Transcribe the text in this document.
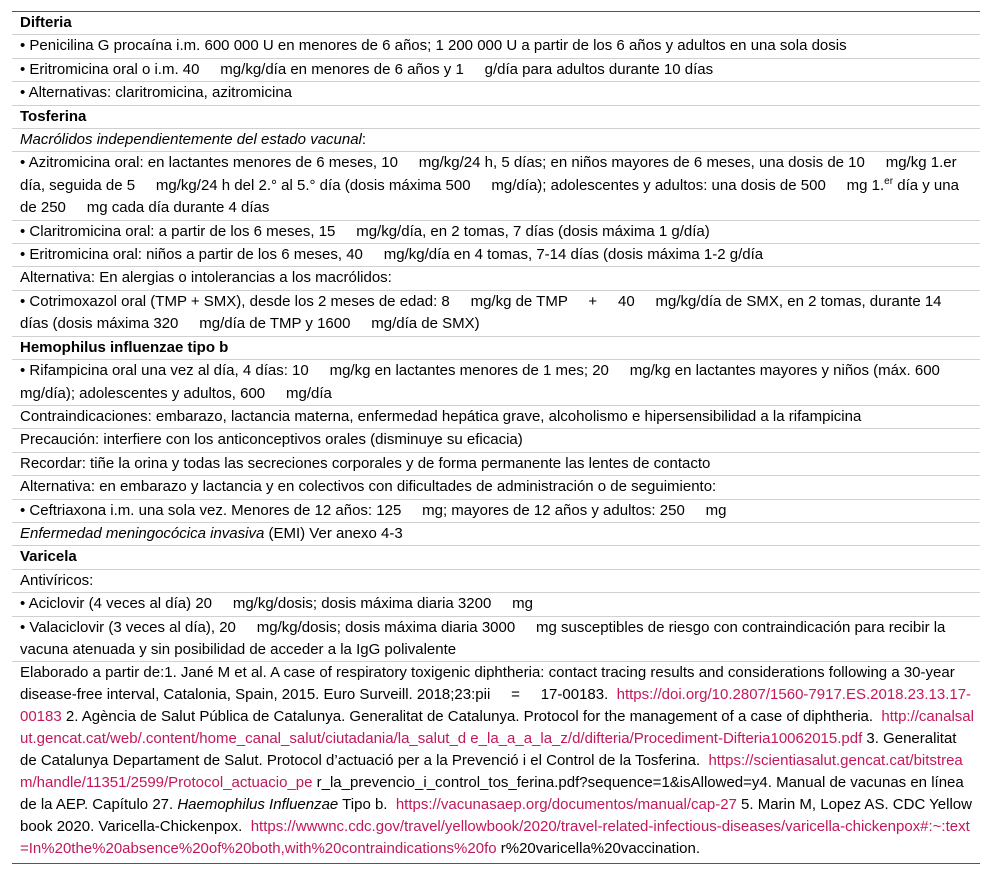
Difteria
• Penicilina G procaína i.m. 600 000 U en menores de 6 años; 1 200 000 U a partir de los 6 años y adultos en una sola dosis
• Eritromicina oral o i.m. 40     mg/kg/día en menores de 6 años y 1     g/día para adultos durante 10 días
• Alternativas: claritromicina, azitromicina
Tosferina
Macrólidos independientemente del estado vacunal:
• Azitromicina oral: en lactantes menores de 6 meses, 10     mg/kg/24 h, 5 días; en niños mayores de 6 meses, una dosis de 10     mg/kg 1.er día, seguida de 5     mg/kg/24 h del 2.° al 5.° día (dosis máxima 500     mg/día); adolescentes y adultos: una dosis de 500     mg 1.$^{er}$ día y una de 250     mg cada día durante 4 días
• Claritromicina oral: a partir de los 6 meses, 15     mg/kg/día, en 2 tomas, 7 días (dosis máxima 1 g/día)
• Eritromicina oral: niños a partir de los 6 meses, 40     mg/kg/día en 4 tomas, 7-14 días (dosis máxima 1-2 g/día
Alternativa: En alergias o intolerancias a los macrólidos:
• Cotrimoxazol oral (TMP + SMX), desde los 2 meses de edad: 8     mg/kg de TMP     +     40     mg/kg/día de SMX, en 2 tomas, durante 14 días (dosis máxima 320     mg/día de TMP y 1600     mg/día de SMX)
Hemophilus influenzae tipo b
• Rifampicina oral una vez al día, 4 días: 10     mg/kg en lactantes menores de 1 mes; 20     mg/kg en lactantes mayores y niños (máx. 600     mg/día); adolescentes y adultos, 600     mg/día
Contraindicaciones: embarazo, lactancia materna, enfermedad hepática grave, alcoholismo e hipersensibilidad a la rifampicina
Precaución: interfiere con los anticonceptivos orales (disminuye su eficacia)
Recordar: tiñe la orina y todas las secreciones corporales y de forma permanente las lentes de contacto
Alternativa: en embarazo y lactancia y en colectivos con dificultades de administración o de seguimiento:
• Ceftriaxona i.m. una sola vez. Menores de 12 años: 125     mg; mayores de 12 años y adultos: 250     mg
Enfermedad meningocócica invasiva (EMI) Ver anexo 4-3
Varicela
Antivíricos:
• Aciclovir (4 veces al día) 20     mg/kg/dosis; dosis máxima diaria 3200     mg
• Valaciclovir (3 veces al día), 20     mg/kg/dosis; dosis máxima diaria 3000     mg susceptibles de riesgo con contraindicación para recibir la vacuna atenuada y sin posibilidad de acceder a la IgG polivalente
Elaborado a partir de:1. Jané M et al. A case of respiratory toxigenic diphtheria: contact tracing results and considerations following a 30-year disease-free interval, Catalonia, Spain, 2015. Euro Surveill. 2018;23:pii     =     17-00183.  https://doi.org/10.2807/1560-7917.ES.2018.23.13.17-00183 2. Agència de Salut Pública de Catalunya. Generalitat de Catalunya. Protocol for the management of a case of diphtheria.  http://canalsalut.gencat.cat/web/.content/home_canal_salut/ciutadania/la_salut_d e_la_a_a_la_z/d/difteria/Procediment-Difteria10062015.pdf 3. Generalitat de Catalunya Departament de Salut. Protocol d’actuació per a la Prevenció i el Control de la Tosferina.  https://scientiasalut.gencat.cat/bitstream/handle/11351/2599/Protocol_actuacio_pe r_la_prevencio_i_control_tos_ferina.pdf?sequence=1&isAllowed=y4. Manual de vacunas en línea de la AEP. Capítulo 27. Haemophilus Influenzae Tipo b.  https://vacunasaep.org/documentos/manual/cap-27 5. Marin M, Lopez AS. CDC Yellow book 2020. Varicella-Chickenpox.  https://wwwnc.cdc.gov/travel/yellowbook/2020/travel-related-infectious-diseases/varicella-chickenpox#:~:text=In%20the%20absence%20of%20both,with%20contraindications%20fo r%20varicella%20vaccination.
